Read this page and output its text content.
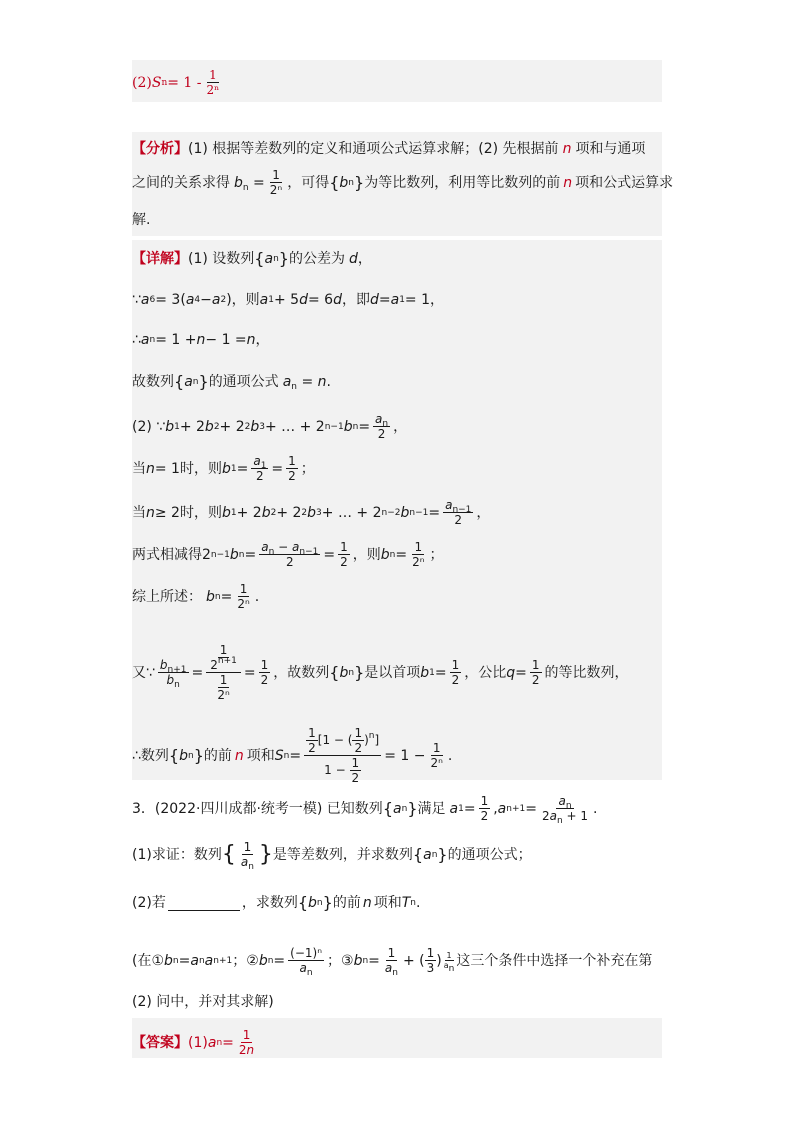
(2) S $n = 1 - \frac{1}{\text{2ⁿ}}$
【分析】 (1) 根据等差数列的定义和通项公式运算求解；(2) 先根据前 n 项和与通项
之间的关系求得 $b_n = \frac{1}{\text{2ⁿ}}$ ，可得 { b n } 为等比数列，利用等比数列的前 n 项和公式运算求
解.
【详解】 (1) 设数列 { a n } 的公差为 d ，
∵ a 6 = 3( a 4 − a 2 ) ，则 a 1 + 5 d = 6 d ，即 d = a 1 = 1，
∴ a n = 1 + n − 1 = n ，
故数列 { a n } 的通项公式 $a_n = n$.
(2) ∵ b 1 + 2 b 2 + 2 2 b 3 + … + 2 n−1 b $n = a_n$
2 ，
当 n = 1 时，则 b $1 = a_1$
2 = 1
2 ；
当 n ≥ 2 时，则 b 1 + 2 b 2 + 2 2 b 3 + … + 2 n−2 b $n-1 = a_{n-1}$
2 ，
两式相减得 2 n−1 b $n = a_n - a_{n-1}$
2 = 1
2 ，则 b n = 1
2ⁿ ；
综上所述： b n = 1
2ⁿ .
又∵ $b_{n+1}$
$b_n$
=
$\frac{1}{2^{n+1}}$
$\frac{1}{\text{2ⁿ}}$
= 1
2 ，故数列 { b n } 是以首项 b 1 = 1
2 ，公比 q = 1
2 的等比数列，
∴数列 { b n } 的前 n 项和 S n =
$\frac{1}{2} [1$ − ( $\frac{1}{2} )^n$]
$1 - \frac{1}{2}$
= 1 − 1
2ⁿ .
3．(2022·四川成都·统考一模) 已知数列 { a n } 满足 a 1 = 1
2 , a $n+1 = a_n$
$2a_n + 1$ .
(1)求证：数列 { 1
$a_n$
} 是等差数列，并求数列 { a n } 的通项公式；
(2)若	，求数列 { b n } 的前 n 项和 T n .
(在① b n = a n a n+1 ；② b n = (−1)ⁿ
$a_n$
；③ b n = 1
$a_n$
+ ( 1
3 ) $\frac{1}{a_n}$ 这三个条件中选择一个补充在第
(2) 问中，并对其求解)
【答案】 (1) a n = 1
2n
